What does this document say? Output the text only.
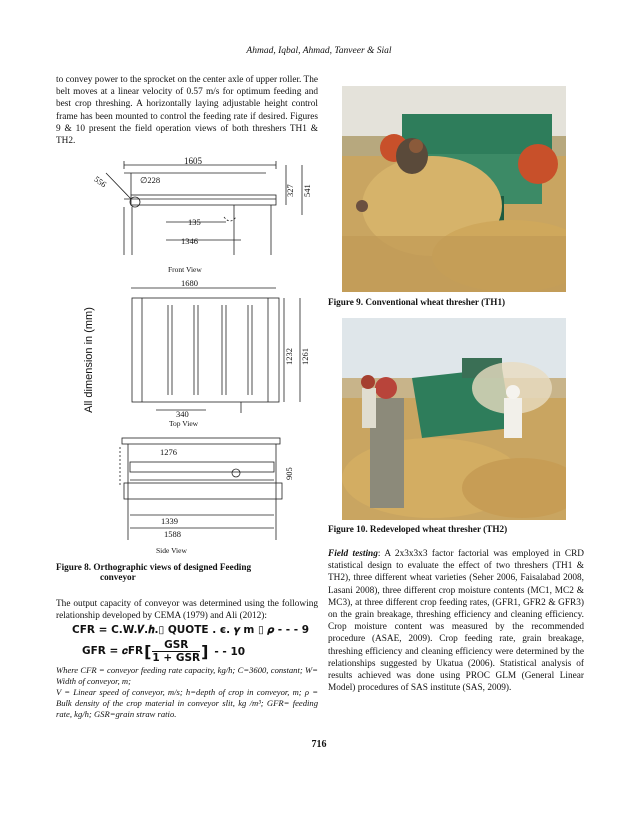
Ahmad, Iqbal, Ahmad, Tanveer & Sial

to convey power to the sprocket on the center axle of upper roller. The belt moves at a linear velocity of 0.57 m/s for optimum feeding and best crop threshing. A horizontally laying adjustable height control frame has been mounted to control the feeding rate if desired. Figures 9 & 10 present the field operation views of both threshers TH1 & TH2.

All dimension in (mm)
1605
∅228
556
327 541
135
1346
Front View
1680
1232 1261
340
Top View
1276
905
1339
1588
Side View
Figure 8. Orthographic views of designed Feeding
conveyor

The output capacity of conveyor was determined using the following relationship developed by CEMA (1979) and Ali (2012):

CFR = C.W.𝑽.𝒉.▯ QUOTE . є. 𝜸 m ▯ 𝝆 - - - 9
GFR = 𝒄FR [	GSR
1 + GSR ] - - 10

Where CFR = conveyor feeding rate capacity, kg/h; C=3600, constant; W= Width of conveyor, m;

V = Linear speed of conveyor, m/s; h=depth of crop in conveyor, m; ρ = Bulk density of the crop material in conveyor slit, kg /m³; GFR= feeding rate, kg/h; GSR=grain straw ratio.

Figure 9. Conventional wheat thresher (TH1)
Figure 10. Redeveloped wheat thresher (TH2)

Field testing: A 2x3x3x3 factor factorial was employed in CRD statistical design to evaluate the effect of two threshers (TH1 & TH2), three different wheat varieties (Seher 2006, Faisalabad 2008, Lasani 2008), three different crop moisture contents (MC1, MC2 & MC3), at three different crop feeding rates, (GFR1, GFR2 & GFR3) on the grain breakage, threshing efficiency and cleaning efficiency. Crop moisture content was measured by the recommended procedure (ASAE, 2009). Crop feeding rate, grain breakage, threshing efficiency and cleaning efficiency were determined by the relationships suggested by Ukatua (2006). Statistical analysis of results achieved was done using PROC GLM (General Linear Model) procedures of SAS institute (SAS, 2009).

716
